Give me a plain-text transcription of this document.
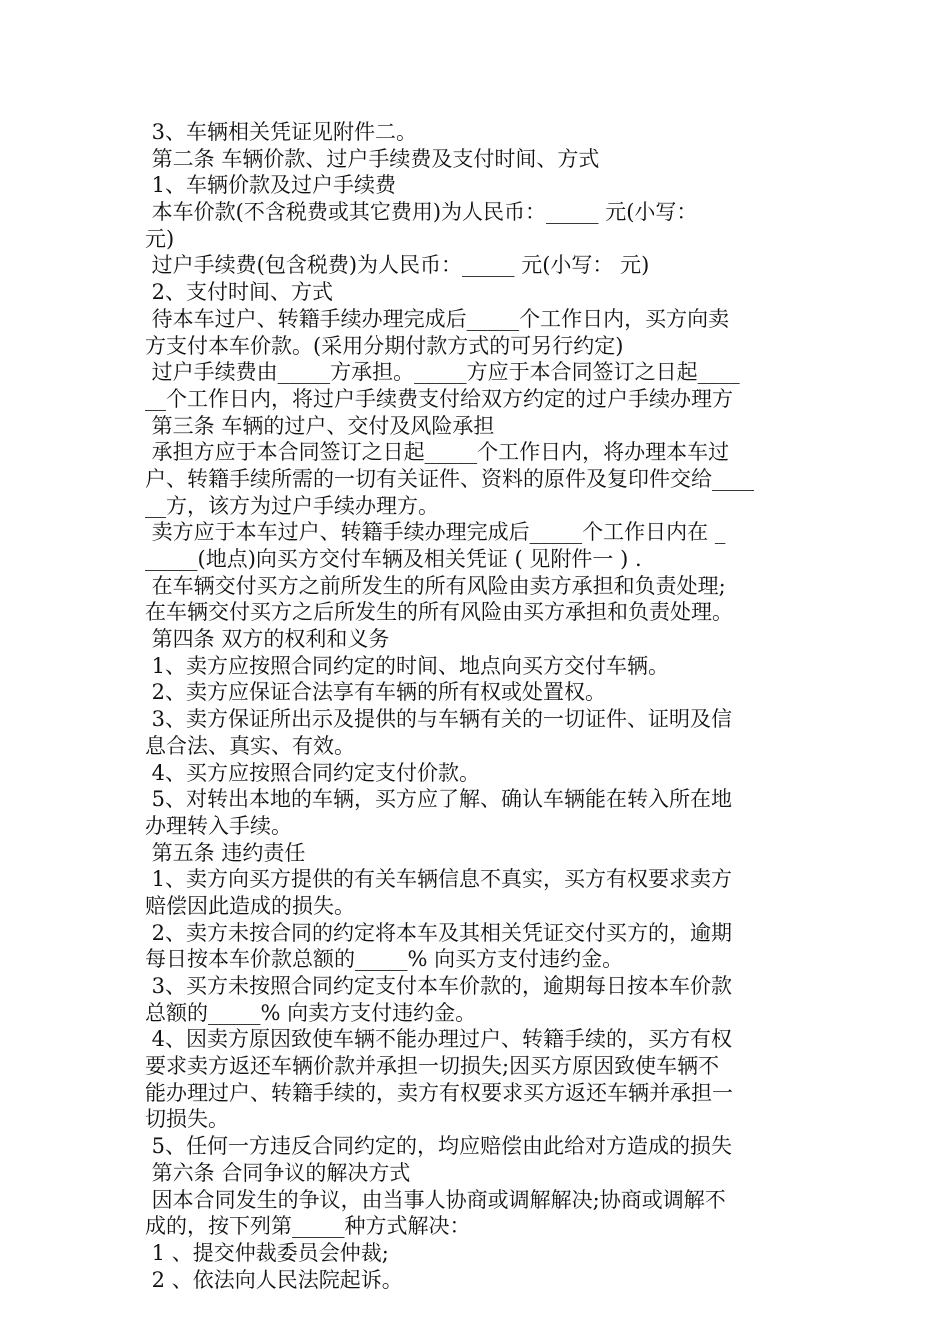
3、车辆相关凭证见附件二。
第二条 车辆价款、过户手续费及支付时间、方式
1、车辆价款及过户手续费
本车价款(不含税费或其它费用)为人民币：_____ 元(小写：
元)
过户手续费(包含税费)为人民币：_____ 元(小写： 元)
2、支付时间、方式
待本车过户、转籍手续办理完成后_____个工作日内，买方向卖
方支付本车价款。(采用分期付款方式的可另行约定)
过户手续费由_____方承担。_____方应于本合同签订之日起____
__个工作日内，将过户手续费支付给双方约定的过户手续办理方
第三条 车辆的过户、交付及风险承担
承担方应于本合同签订之日起_____个工作日内，将办理本车过
户、转籍手续所需的一切有关证件、资料的原件及复印件交给____
__方，该方为过户手续办理方。
卖方应于本车过户、转籍手续办理完成后_____个工作日内在 _
_____(地点)向买方交付车辆及相关凭证 ( 见附件一 ) .
在车辆交付买方之前所发生的所有风险由卖方承担和负责处理;
在车辆交付买方之后所发生的所有风险由买方承担和负责处理。
第四条 双方的权利和义务
1、卖方应按照合同约定的时间、地点向买方交付车辆。
2、卖方应保证合法享有车辆的所有权或处置权。
3、卖方保证所出示及提供的与车辆有关的一切证件、证明及信
息合法、真实、有效。
4、买方应按照合同约定支付价款。
5、对转出本地的车辆，买方应了解、确认车辆能在转入所在地
办理转入手续。
第五条 违约责任
1、卖方向买方提供的有关车辆信息不真实，买方有权要求卖方
赔偿因此造成的损失。
2、卖方未按合同的约定将本车及其相关凭证交付买方的，逾期
每日按本车价款总额的_____% 向买方支付违约金。
3、买方未按照合同约定支付本车价款的，逾期每日按本车价款
总额的_____% 向卖方支付违约金。
4、因卖方原因致使车辆不能办理过户、转籍手续的，买方有权
要求卖方返还车辆价款并承担一切损失;因买方原因致使车辆不
能办理过户、转籍手续的，卖方有权要求买方返还车辆并承担一
切损失。
5、任何一方违反合同约定的，均应赔偿由此给对方造成的损失
第六条 合同争议的解决方式
因本合同发生的争议，由当事人协商或调解解决;协商或调解不
成的，按下列第_____种方式解决：
1 、提交仲裁委员会仲裁;
2 、依法向人民法院起诉。
